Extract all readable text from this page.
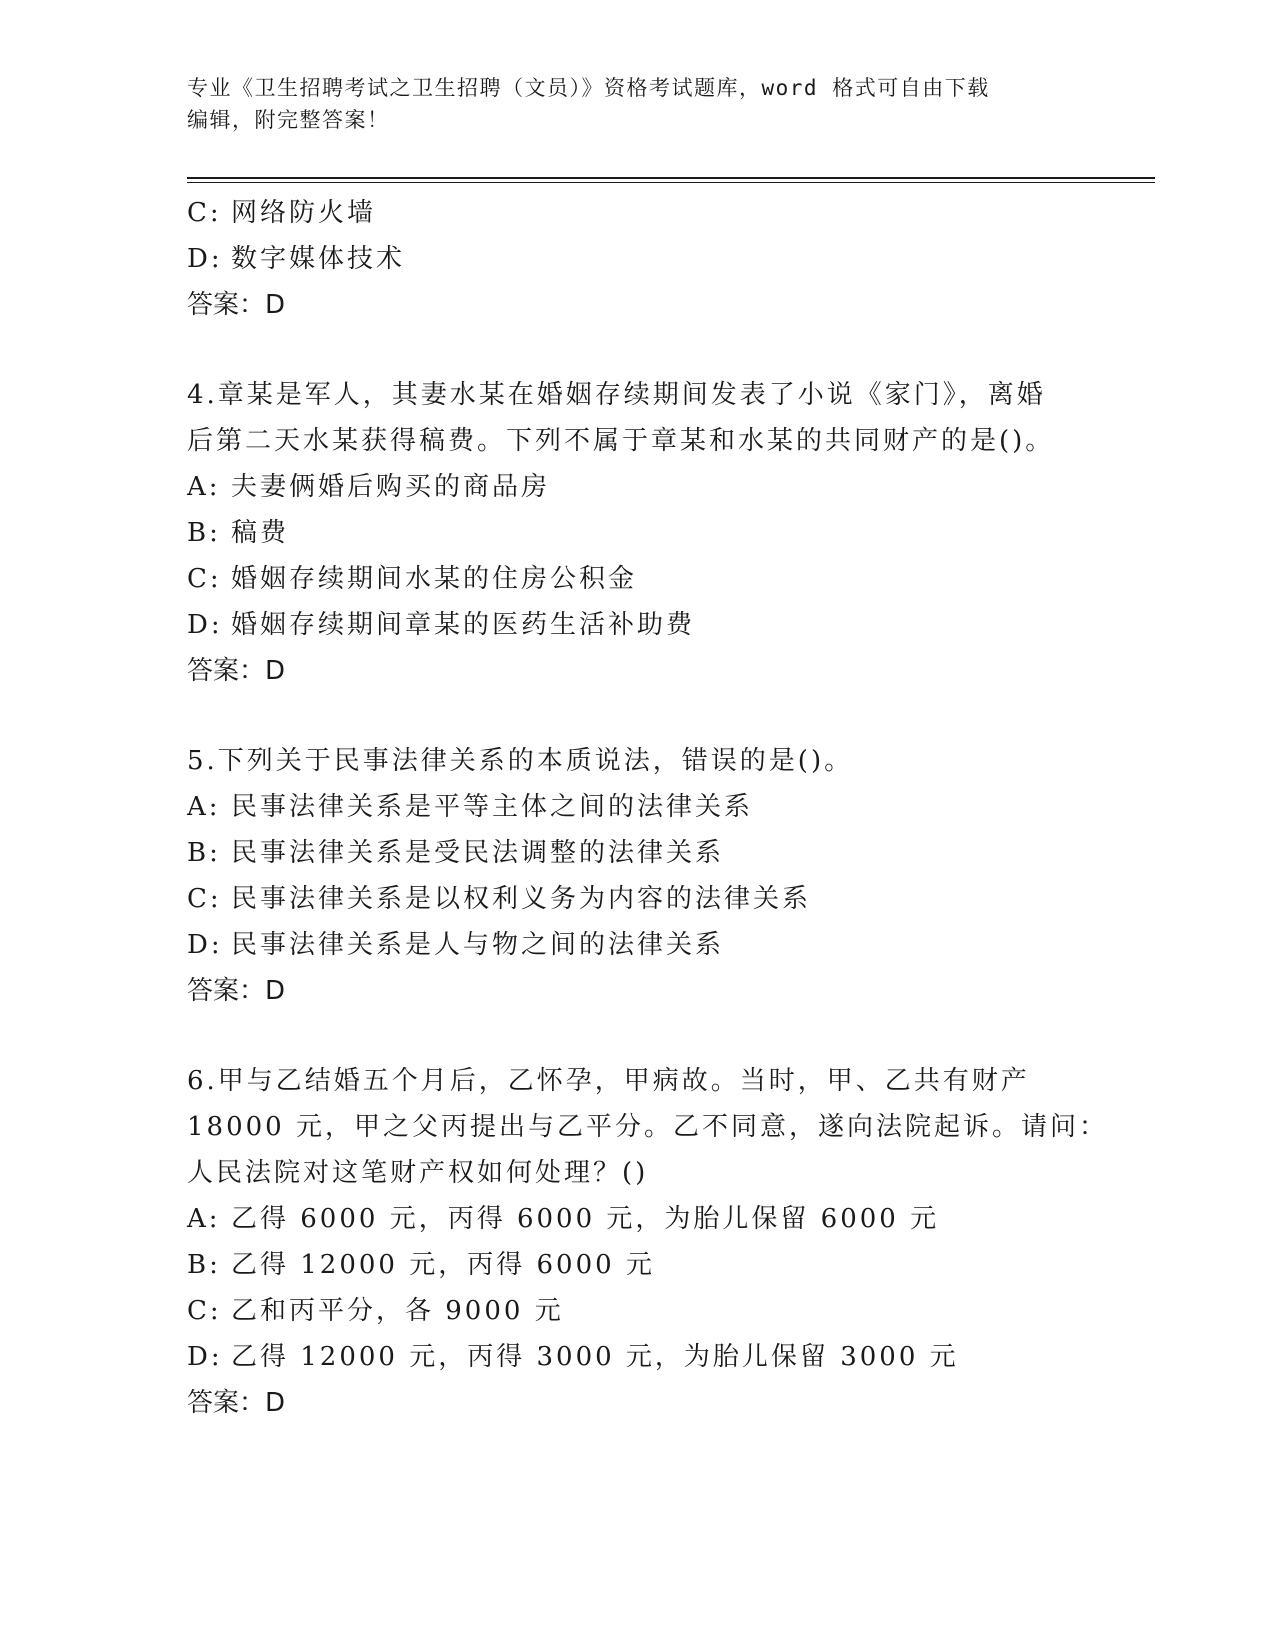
专业《卫生招聘考试之卫生招聘（文员）》资格考试题库，word 格式可自由下载
编辑，附完整答案！
C: 网络防火墙
D: 数字媒体技术
答案：D
4.章某是军人，其妻水某在婚姻存续期间发表了小说《家门》，离婚
后第二天水某获得稿费。下列不属于章某和水某的共同财产的是()。
A: 夫妻俩婚后购买的商品房
B: 稿费
C: 婚姻存续期间水某的住房公积金
D: 婚姻存续期间章某的医药生活补助费
答案：D
5.下列关于民事法律关系的本质说法，错误的是()。
A: 民事法律关系是平等主体之间的法律关系
B: 民事法律关系是受民法调整的法律关系
C: 民事法律关系是以权利义务为内容的法律关系
D: 民事法律关系是人与物之间的法律关系
答案：D
6.甲与乙结婚五个月后，乙怀孕，甲病故。当时，甲、乙共有财产
18000 元，甲之父丙提出与乙平分。乙不同意，遂向法院起诉。请问：
人民法院对这笔财产权如何处理？()
A: 乙得 6000 元，丙得 6000 元，为胎儿保留 6000 元
B: 乙得 12000 元，丙得 6000 元
C: 乙和丙平分，各 9000 元
D: 乙得 12000 元，丙得 3000 元，为胎儿保留 3000 元
答案：D
